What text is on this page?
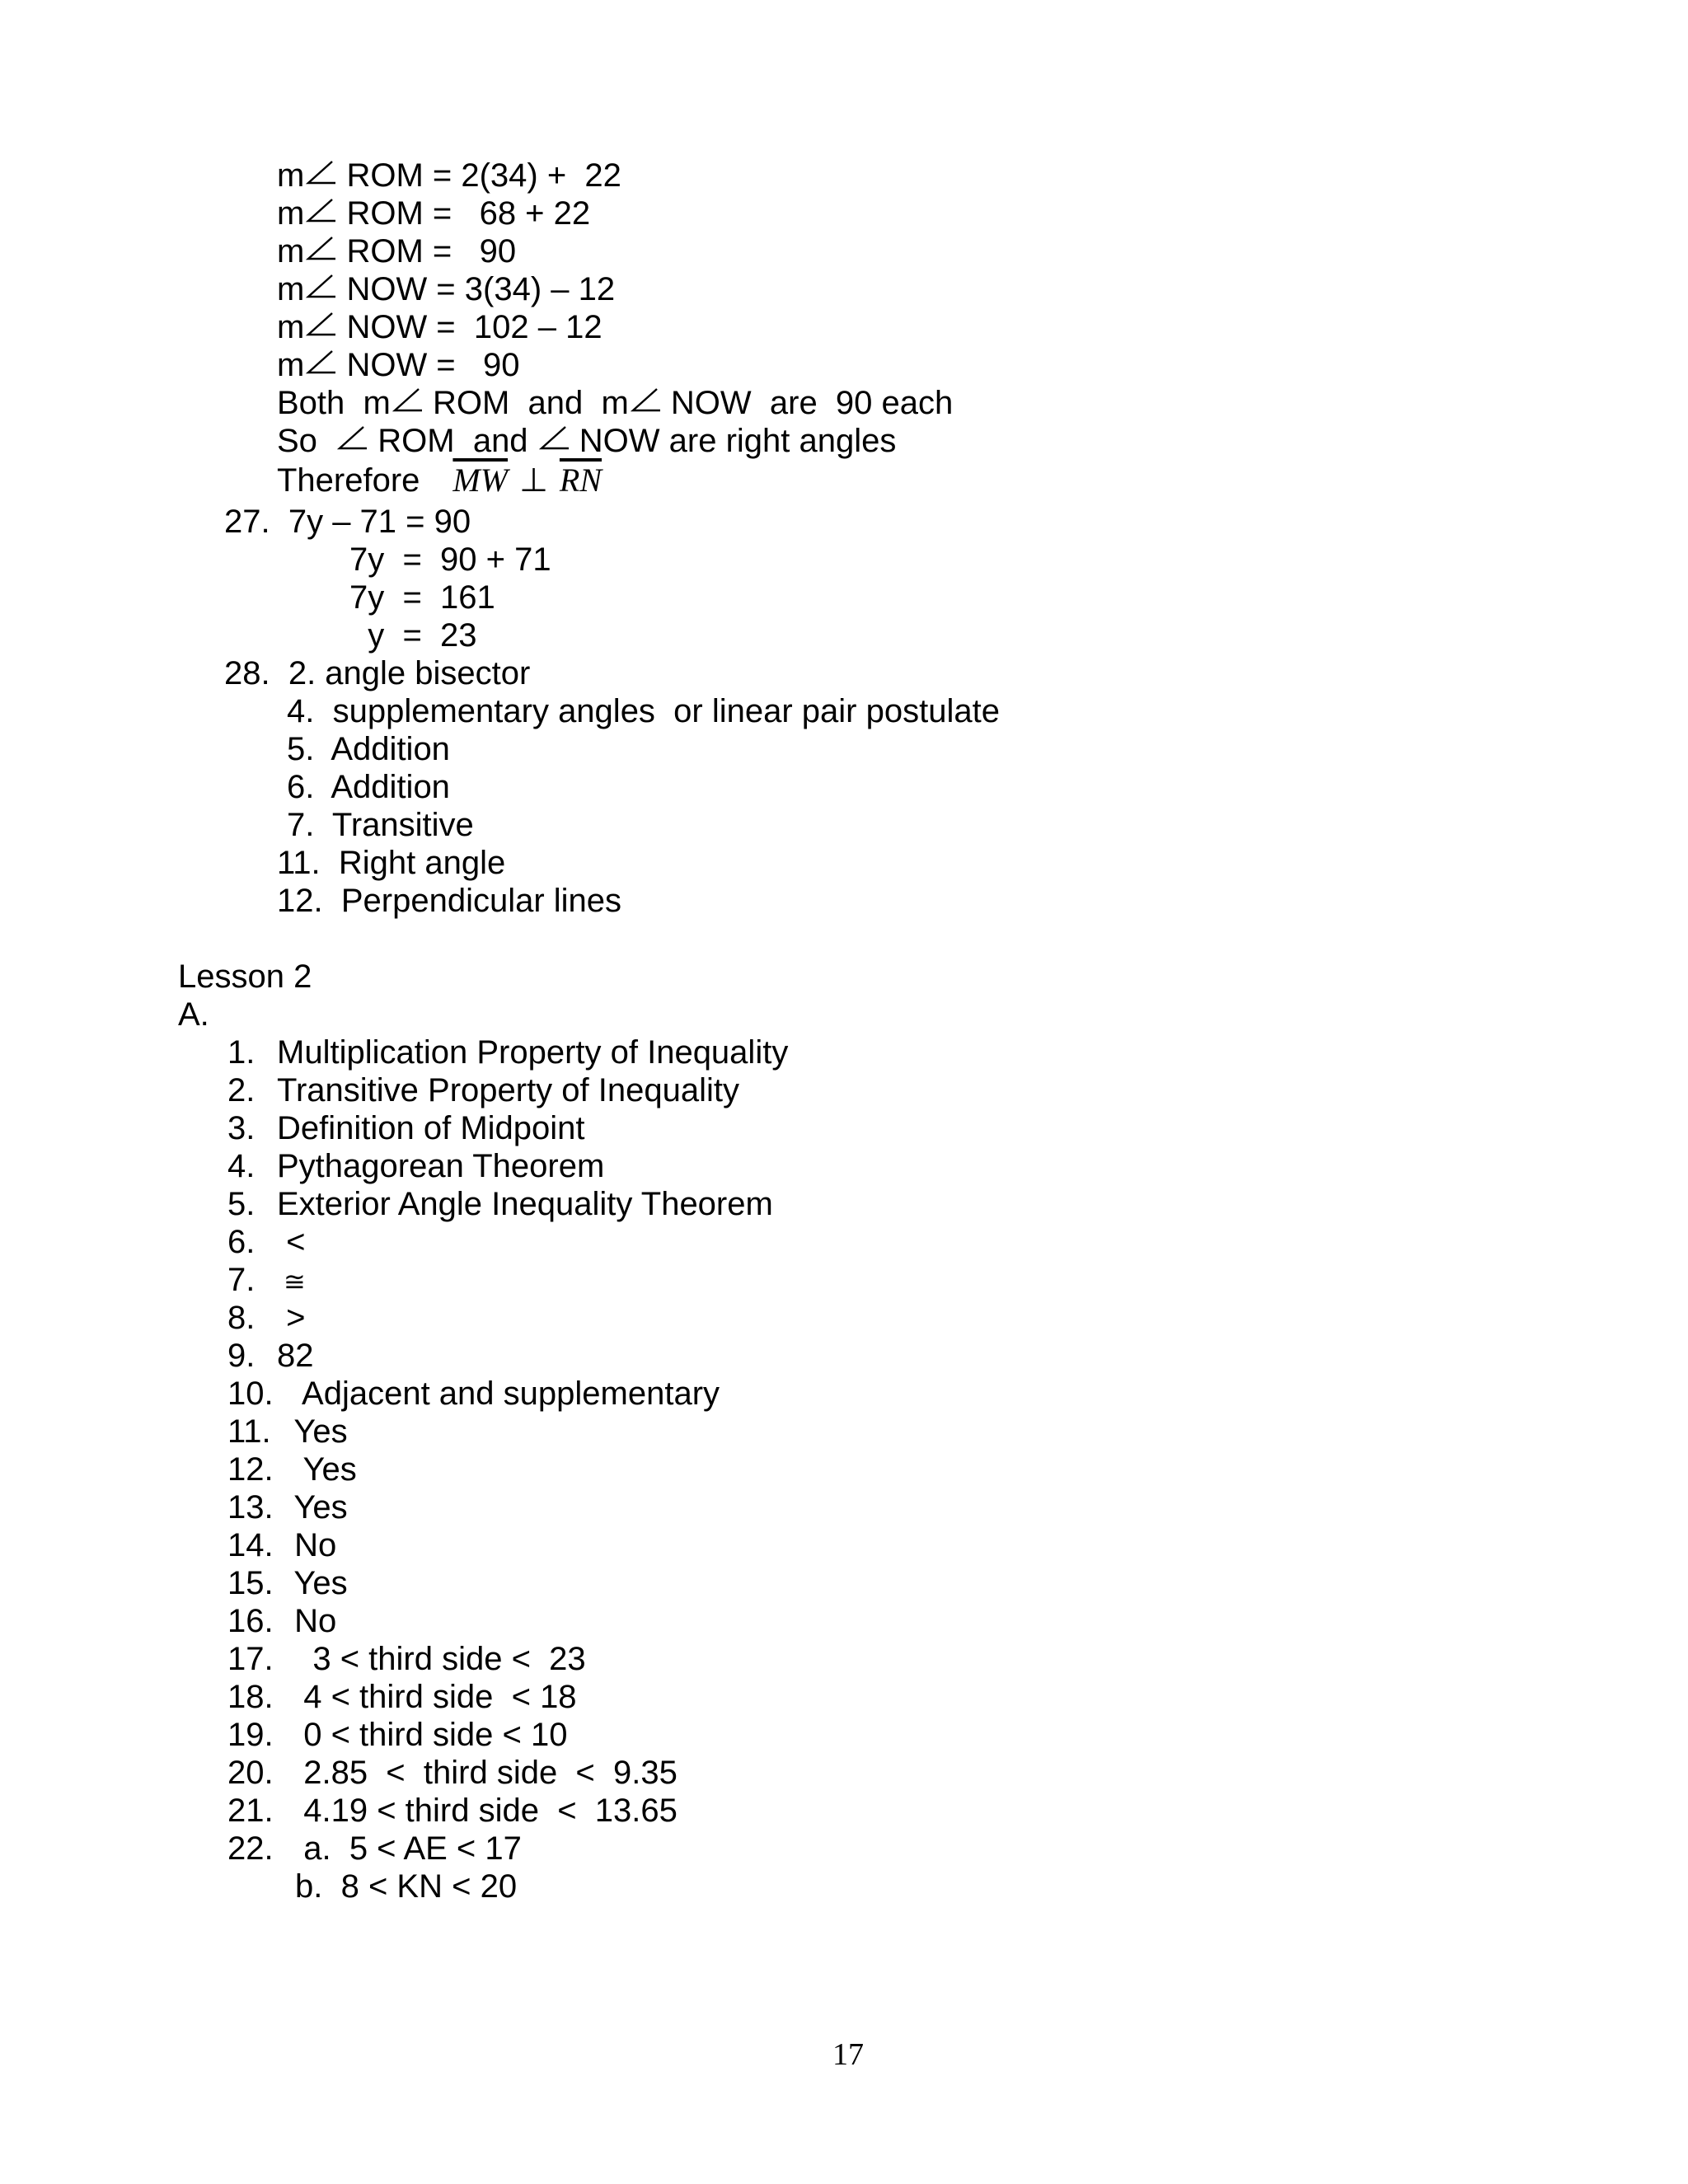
m
ROM = 2(34) +  22
m
ROM =   68 + 22
m
ROM =   90
m
NOW = 3(34) – 12
m
NOW =  102 – 12
m
NOW =   90
Both  m
ROM  and  m
NOW  are  90 each
So
ROM  and
NOW are right angles
Therefore $\overline{MW}$ ⊥ $\overline{RN}$
27.  7y – 71 = 90
7y  =  90 + 71
7y  =  161
y  =  23
28.  2. angle bisector
4.  supplementary angles  or linear pair postulate
5.  Addition
6.  Addition
7.  Transitive
11.  Right angle
12.  Perpendicular lines
Lesson 2
A.
1. Multiplication Property of Inequality
2. Transitive Property of Inequality
3. Definition of Midpoint
4. Pythagorean Theorem
5. Exterior Angle Inequality Theorem
6. <
7. ≅
8. >
9. 82
10.  Adjacent and supplementary
11. Yes
12.  Yes
13. Yes
14. No
15. Yes
16. No
17.   3 < third side <  23
18.  4 < third side  < 18
19.  0 < third side < 10
20.  2.85  <  third side  <  9.35
21.  4.19 < third side  <  13.65
22.  a.  5 < AE < 17
b.  8 < KN < 20
17
